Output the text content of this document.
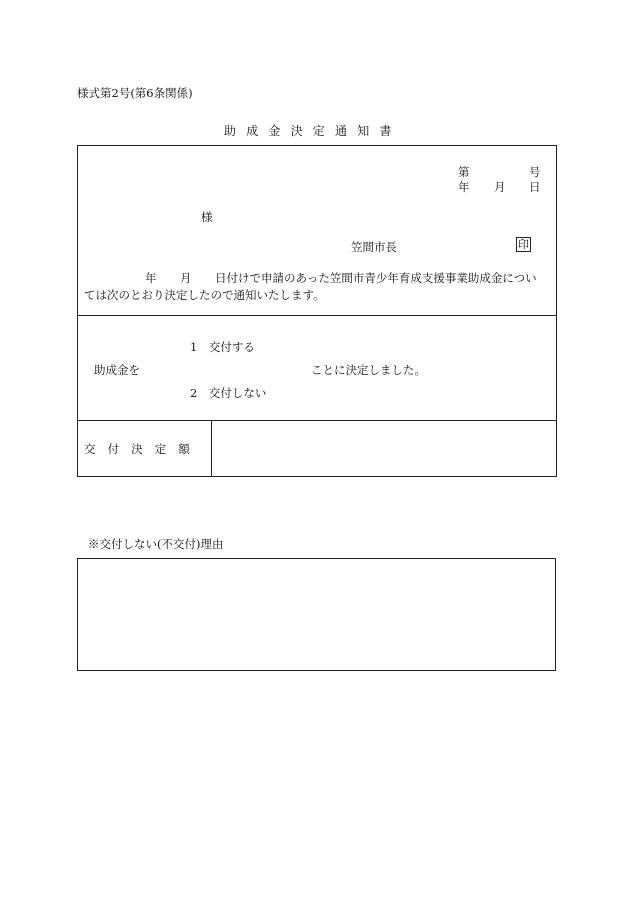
様式第2号(第6条関係)
助成金決定通知書
第	号
年 月 日
様
笠間市長	印
年 月 日付けで申請のあった笠間市青少年育成支援事業助成金につい
ては次のとおり決定したので通知いたします。
1　交付する
助成金を	ことに決定しました。
2　交付しない
交付決定額
※交付しない(不交付)理由
